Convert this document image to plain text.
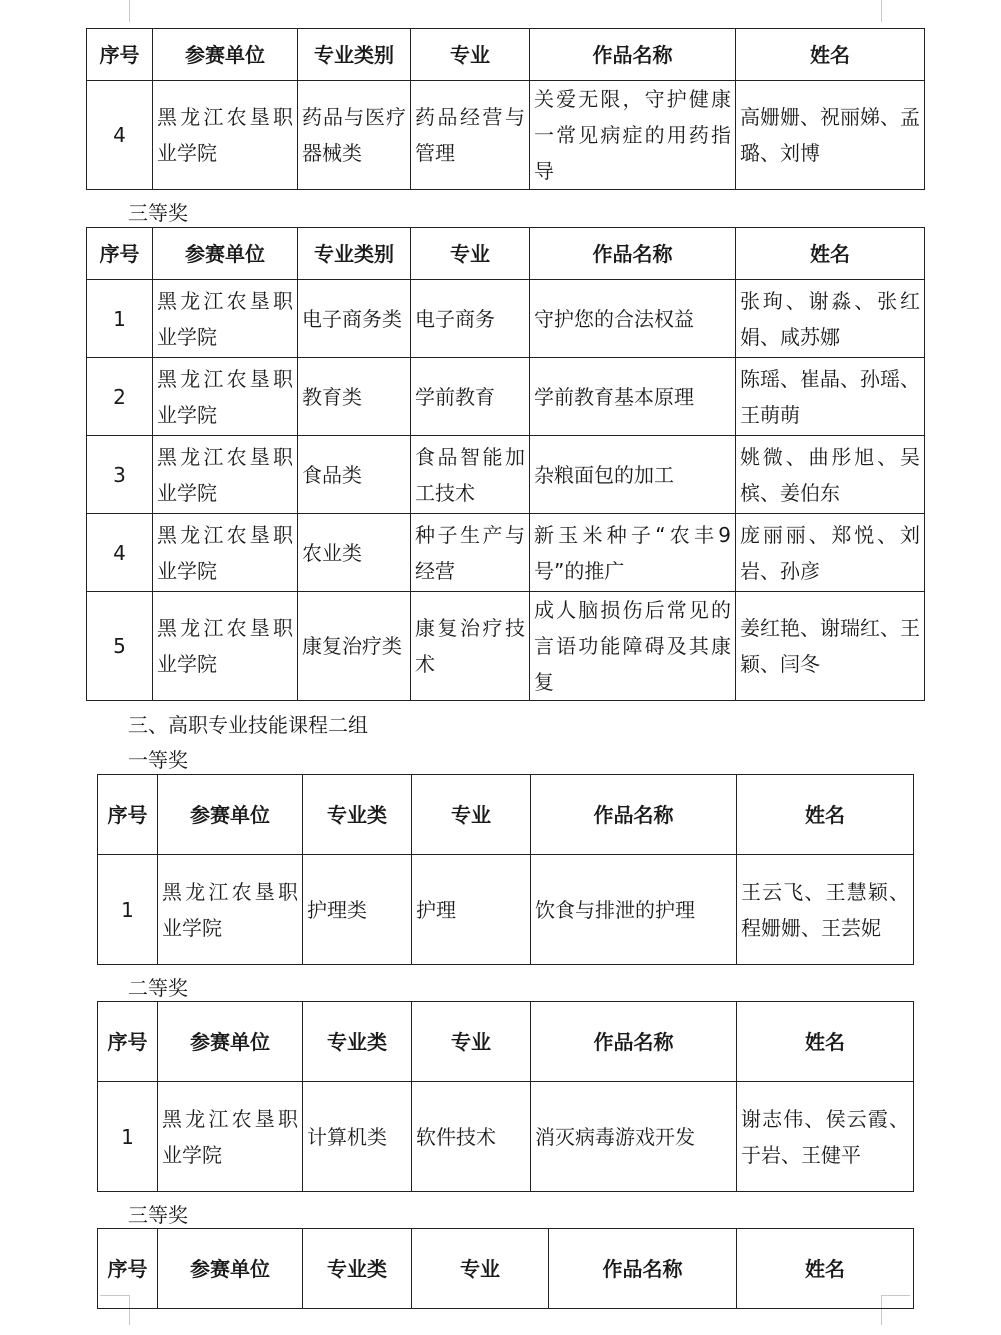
序号	参赛单位	专业类别	专业	作品名称	姓名
4	黑龙江农垦职业学院	药品与医疗器械类	药品经营与管理	关爱无限，守护健康一常见病症的用药指导	高姗姗、祝丽娣、孟璐、刘博
三等奖
序号	参赛单位	专业类别	专业	作品名称	姓名
1	黑龙江农垦职业学院	电子商务类	电子商务	守护您的合法权益	张珣、谢淼、张红娟、咸苏娜
2	黑龙江农垦职业学院	教育类	学前教育	学前教育基本原理	陈瑶、崔晶、孙瑶、王萌萌
3	黑龙江农垦职业学院	食品类	食品智能加工技术	杂粮面包的加工	姚微、曲彤旭、吴槟、姜伯东
4	黑龙江农垦职业学院	农业类	种子生产与经营	新玉米种子“农丰9号”的推广	庞丽丽、郑悦、刘岩、孙彦
5	黑龙江农垦职业学院	康复治疗类	康复治疗技术	成人脑损伤后常见的言语功能障碍及其康复	姜红艳、谢瑞红、王颖、闫冬
三、高职专业技能课程二组
一等奖
序号	参赛单位	专业类	专业	作品名称	姓名
1	黑龙江农垦职业学院	护理类	护理	饮食与排泄的护理	王云飞、王慧颖、程姗姗、王芸妮
二等奖
序号	参赛单位	专业类	专业	作品名称	姓名
1	黑龙江农垦职业学院	计算机类	软件技术	消灭病毒游戏开发	谢志伟、侯云霞、于岩、王健平
三等奖
序号	参赛单位	专业类	专业	作品名称	姓名
